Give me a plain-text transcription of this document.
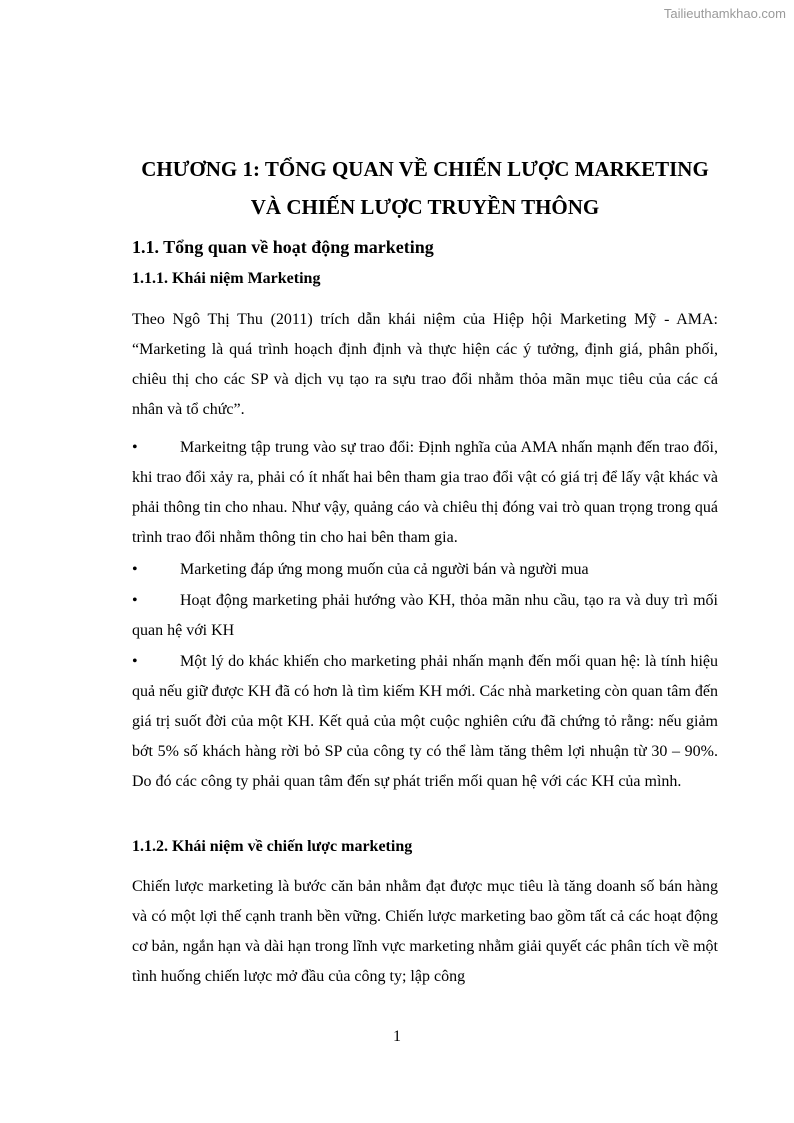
Tailieuthamkhao.com
CHƯƠNG 1: TỔNG QUAN VỀ CHIẾN LƯỢC MARKETING
VÀ CHIẾN LƯỢC TRUYỀN THÔNG
1.1. Tổng quan về hoạt động marketing
1.1.1. Khái niệm Marketing

Theo Ngô Thị Thu (2011) trích dẫn khái niệm của Hiệp hội Marketing Mỹ - AMA: “Marketing là quá trình hoạch định định và thực hiện các ý tưởng, định giá, phân phối, chiêu thị cho các SP và dịch vụ tạo ra sựu trao đổi nhằm thỏa mãn mục tiêu của các cá nhân và tổ chức”.

•	Markeitng tập trung vào sự trao đổi: Định nghĩa của AMA nhấn mạnh đến trao đổi, khi trao đổi xảy ra, phải có ít nhất hai bên tham gia trao đổi vật có giá trị để lấy vật khác và phải thông tin cho nhau. Như vậy, quảng cáo và chiêu thị đóng vai trò quan trọng trong quá trình trao đổi nhằm thông tin cho hai bên tham gia.
•	Marketing đáp ứng mong muốn của cả người bán và người mua
•	Hoạt động marketing phải hướng vào KH, thỏa mãn nhu cầu, tạo ra và duy trì mối quan hệ với KH
•	Một lý do khác khiến cho marketing phải nhấn mạnh đến mối quan hệ: là tính hiệu quả nếu giữ được KH đã có hơn là tìm kiếm KH mới. Các nhà marketing còn quan tâm đến giá trị suốt đời của một KH. Kết quả của một cuộc nghiên cứu đã chứng tỏ rằng: nếu giảm bớt 5% số khách hàng rời bỏ SP của công ty có thể làm tăng thêm lợi nhuận từ 30 – 90%. Do đó các công ty phải quan tâm đến sự phát triển mối quan hệ với các KH của mình.
1.1.2. Khái niệm về chiến lược marketing

Chiến lược marketing là bước căn bản nhằm đạt được mục tiêu là tăng doanh số bán hàng và có một lợi thế cạnh tranh bền vững. Chiến lược marketing bao gồm tất cả các hoạt động cơ bản, ngắn hạn và dài hạn trong lĩnh vực marketing nhằm giải quyết các phân tích về một tình huống chiến lược mở đầu của công ty; lập công

1
